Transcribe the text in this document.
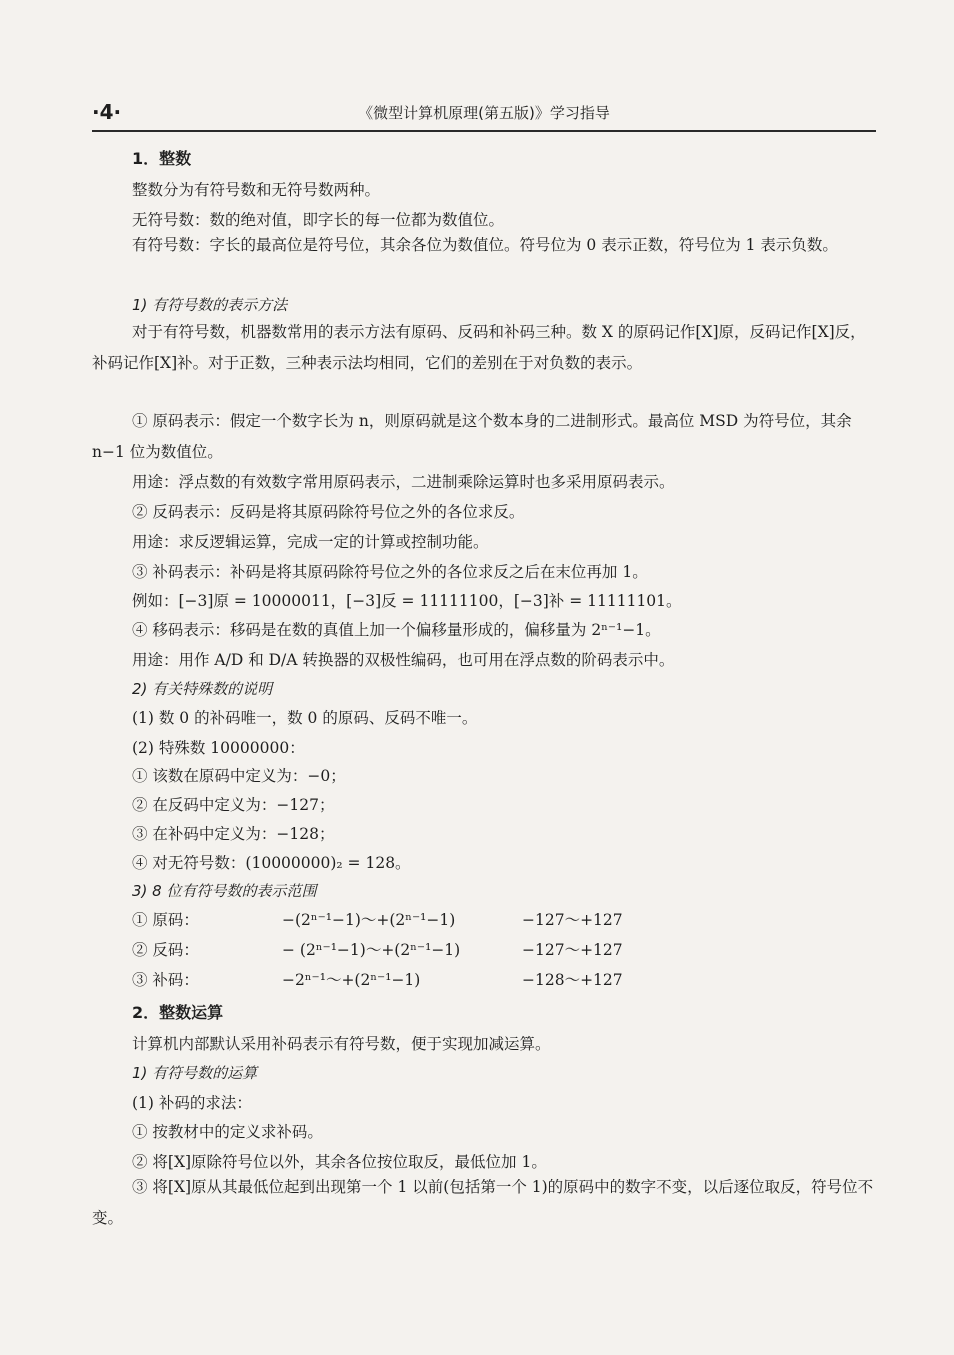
·4·	《微型计算机原理(第五版)》学习指导
1．整数
整数分为有符号数和无符号数两种。
无符号数：数的绝对值，即字长的每一位都为数值位。
有符号数：字长的最高位是符号位，其余各位为数值位。符号位为 0 表示正数，符号位为 1 表示负数。
1) 有符号数的表示方法
对于有符号数，机器数常用的表示方法有原码、反码和补码三种。数 X 的原码记作[X]原，反码记作[X]反，补码记作[X]补。对于正数，三种表示法均相同，它们的差别在于对负数的表示。
① 原码表示：假定一个数字长为 n，则原码就是这个数本身的二进制形式。最高位 MSD 为符号位，其余 n−1 位为数值位。
用途：浮点数的有效数字常用原码表示，二进制乘除运算时也多采用原码表示。
② 反码表示：反码是将其原码除符号位之外的各位求反。
用途：求反逻辑运算，完成一定的计算或控制功能。
③ 补码表示：补码是将其原码除符号位之外的各位求反之后在末位再加 1。
例如：[−3]原 = 10000011，[−3]反 = 11111100，[−3]补 = 11111101。
④ 移码表示：移码是在数的真值上加一个偏移量形成的，偏移量为 2ⁿ⁻¹−1。
用途：用作 A/D 和 D/A 转换器的双极性编码，也可用在浮点数的阶码表示中。
2) 有关特殊数的说明
(1) 数 0 的补码唯一，数 0 的原码、反码不唯一。
(2) 特殊数 10000000：
① 该数在原码中定义为：−0；
② 在反码中定义为：−127；
③ 在补码中定义为：−128；
④ 对无符号数：(10000000)₂ = 128。
3) 8 位有符号数的表示范围
① 原码：	−(2ⁿ⁻¹−1)～+(2ⁿ⁻¹−1)	−127～+127
② 反码：	− (2ⁿ⁻¹−1)～+(2ⁿ⁻¹−1)	−127～+127
③ 补码：	−2ⁿ⁻¹～+(2ⁿ⁻¹−1)	−128～+127
2．整数运算
计算机内部默认采用补码表示有符号数，便于实现加减运算。
1) 有符号数的运算
(1) 补码的求法：
① 按教材中的定义求补码。
② 将[X]原除符号位以外，其余各位按位取反，最低位加 1。
③ 将[X]原从其最低位起到出现第一个 1 以前(包括第一个 1)的原码中的数字不变，以后逐位取反，符号位不变。
